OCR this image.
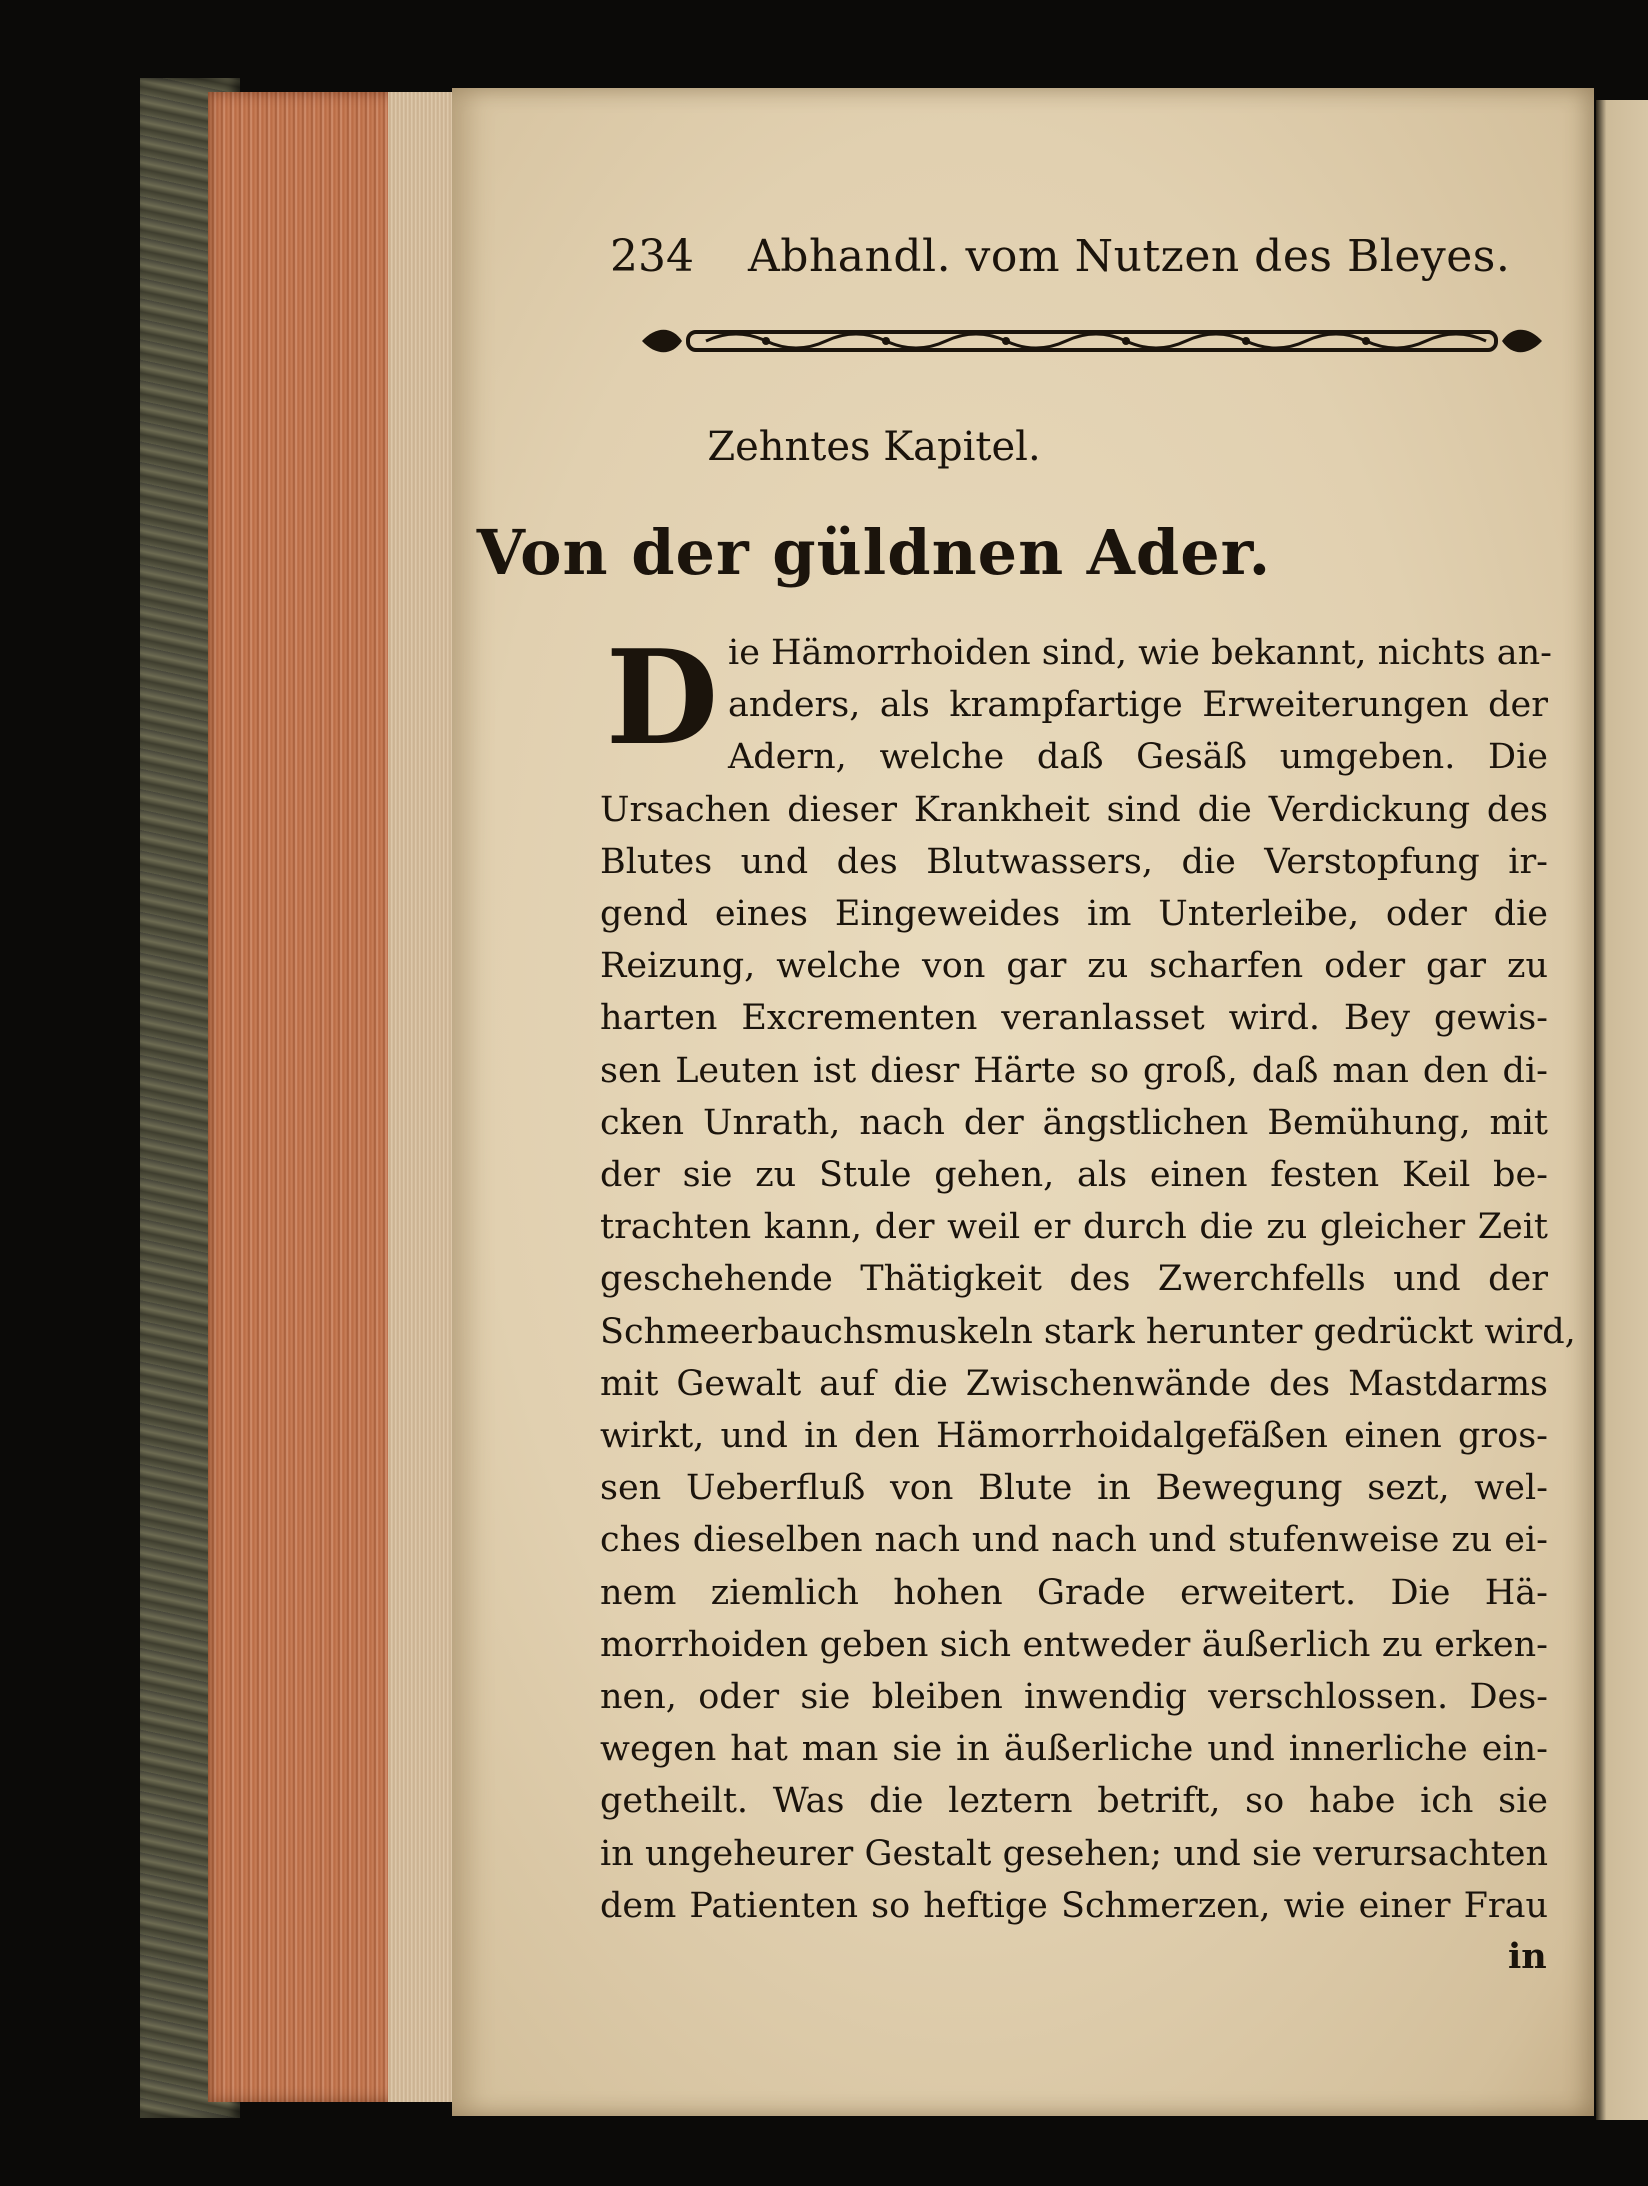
234 Abhandl. vom Nutzen des Bleyes.
Zehntes Kapitel.
Von der güldnen Ader.
D ie Hämorrhoiden sind, wie bekannt, nichts an-
anders, als krampfartige Erweiterungen der
Adern, welche daß Gesäß umgeben. Die
Ursachen dieser Krankheit sind die Verdickung des
Blutes und des Blutwassers, die Verstopfung ir-
gend eines Eingeweides im Unterleibe, oder die
Reizung, welche von gar zu scharfen oder gar zu
harten Excrementen veranlasset wird. Bey gewis-
sen Leuten ist diesr Härte so groß, daß man den di-
cken Unrath, nach der ängstlichen Bemühung, mit
der sie zu Stule gehen, als einen festen Keil be-
trachten kann, der weil er durch die zu gleicher Zeit
geschehende Thätigkeit des Zwerchfells und der
Schmeerbauchsmuskeln stark herunter gedrückt wird,
mit Gewalt auf die Zwischenwände des Mastdarms
wirkt, und in den Hämorrhoidalgefäßen einen gros-
sen Ueberfluß von Blute in Bewegung sezt, wel-
ches dieselben nach und nach und stufenweise zu ei-
nem ziemlich hohen Grade erweitert. Die Hä-
morrhoiden geben sich entweder äußerlich zu erken-
nen, oder sie bleiben inwendig verschlossen. Des-
wegen hat man sie in äußerliche und innerliche ein-
getheilt. Was die leztern betrift, so habe ich sie
in ungeheurer Gestalt gesehen; und sie verursachten
dem Patienten so heftige Schmerzen, wie einer Frau
in
